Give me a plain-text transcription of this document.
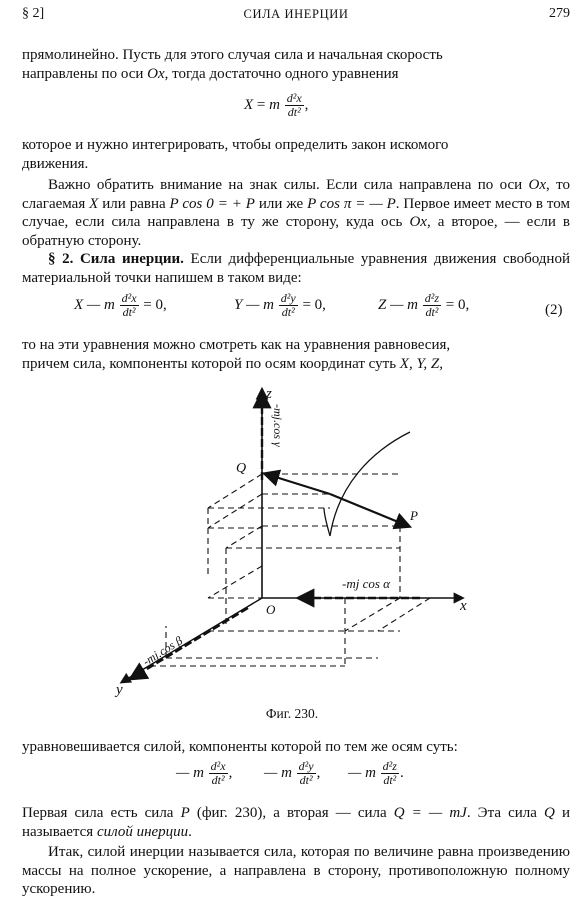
§ 2]	СИЛА ИНЕРЦИИ	279
прямолинейно. Пусть для этого случая сила и начальная скорость
направлены по оси Ox, тогда достаточно одного уравнения
X = m $\frac{\text{d²x}}{\text{dt²}}$ ,
которое и нужно интегрировать, чтобы определить закон искомого
движения.
Важно обратить внимание на знак силы. Если сила направлена по оси Ox, то слагаемая X или равна P cos 0 = + P или же P cos π = — P. Первое имеет место в том случае, если сила направлена в ту же сторону, куда ось Ox, а второе, — если в обратную сторону.
§ 2. Сила инерции. Если дифференциальные уравнения движения свободной материальной точки напишем в таком виде:
X — m $\frac{\text{d²x}}{\text{dt²}} = 0$,	Y — m $\frac{\text{d²y}}{\text{dt²}} = 0$,	Z — m $\frac{\text{d²z}}{\text{dt²}} = 0$,	(2)
то на эти уравнения можно смотреть как на уравнения равновесия,
причем сила, компоненты которой по осям координат суть X, Y, Z,
z
x
y
O
Q
P
-mj.cos γ
-mj cos α
-mj.cos β
Фиг. 230.
уравновешивается силой, компоненты которой по тем же осям суть:
— m $\frac{\text{d²x}}{\text{dt²}}$ , — m $\frac{\text{d²y}}{\text{dt²}}$ , — m $\frac{\text{d²z}}{\text{dt²}}$ .
Первая сила есть сила P (фиг. 230), а вторая — сила Q = — mJ. Эта сила Q и называется силой инерции.
Итак, силой инерции называется сила, которая по величине равна произведению массы на полное ускорение, а направлена в сторону, противоположную полному ускорению.
